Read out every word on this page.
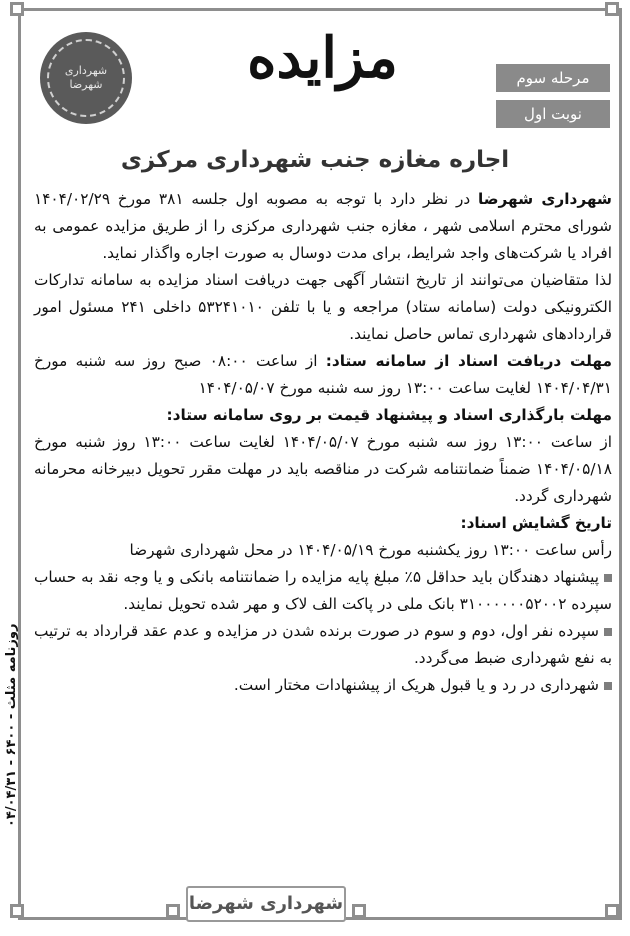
شهرداری شهرضا	مزایده	مرحله سوم
نوبت اول
اجاره مغازه جنب شهرداری مرکزی

شهرداری شهرضا در نظر دارد با توجه به مصوبه اول جلسه ۳۸۱ مورخ ۱۴۰۴/۰۲/۲۹ شورای محترم اسلامی شهر ، مغازه جنب شهرداری مرکزی را از طریق مزایده عمومی به افراد یا شرکت‌های واجد شرایط، برای مدت دوسال به صورت اجاره واگذار نماید.

لذا متقاضیان می‌توانند از تاریخ انتشار آگهی جهت دریافت اسناد مزایده به سامانه تدارکات الکترونیکی دولت (سامانه ستاد) مراجعه و یا با تلفن ۵۳۲۴۱۰۱۰ داخلی ۲۴۱ مسئول امور قراردادهای شهرداری تماس حاصل نمایند.

مهلت دریافت اسناد از سامانه ستاد: از ساعت ۰۸:۰۰ صبح روز سه شنبه مورخ ۱۴۰۴/۰۴/۳۱ لغایت ساعت ۱۳:۰۰ روز سه شنبه مورخ ۱۴۰۴/۰۵/۰۷

مهلت بارگذاری اسناد و پیشنهاد قیمت بر روی سامانه ستاد:

از ساعت ۱۳:۰۰ روز سه شنبه مورخ ۱۴۰۴/۰۵/۰۷ لغایت ساعت ۱۳:۰۰ روز شنبه مورخ ۱۴۰۴/۰۵/۱۸ ضمناً ضمانتنامه شرکت در مناقصه باید در مهلت مقرر تحویل دبیرخانه محرمانه شهرداری گردد.

تاریخ گشایش اسناد:

رأس ساعت ۱۳:۰۰ روز یکشنبه مورخ ۱۴۰۴/۰۵/۱۹ در محل شهرداری شهرضا

پیشنهاد دهندگان باید حداقل ۵٪ مبلغ پایه مزایده را ضمانتنامه بانکی و یا وجه نقد به حساب سپرده ۳۱۰۰۰۰۰۰۵۲۰۰۲ بانک ملی در پاکت الف لاک و مهر شده تحویل نمایند.

سپرده نفر اول، دوم و سوم در صورت برنده شدن در مزایده و عدم عقد قرارداد به ترتیب به نفع شهرداری ضبط می‌گردد.

شهرداری در رد و یا قبول هریک از پیشنهادات مختار است.

روزنامه مثلث - ۶۴۰۰ - ۰۴/۰۴/۳۱
شهرداری شهرضا
